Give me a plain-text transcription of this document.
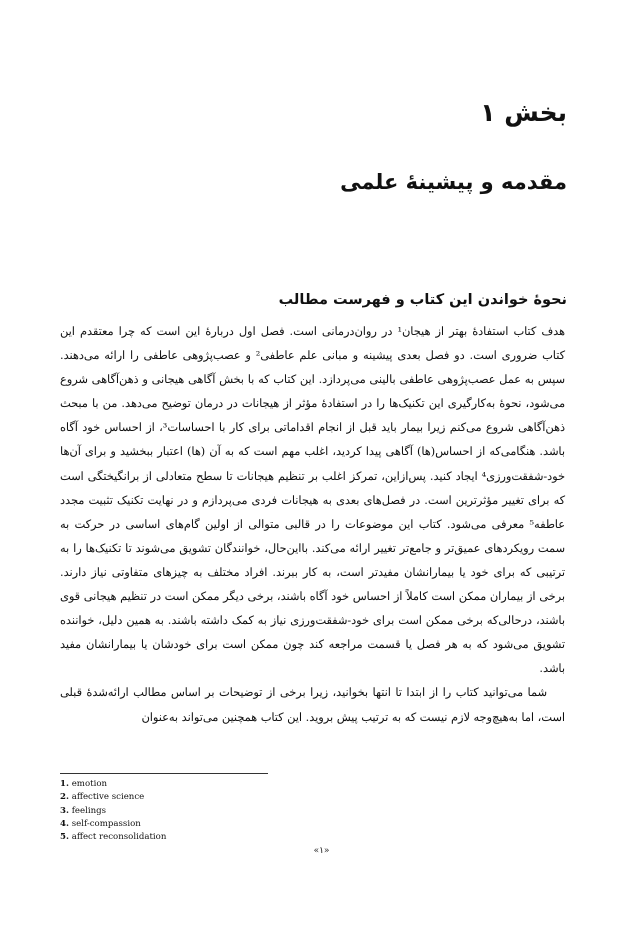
بخش ۱
مقدمه و پیشینهٔ علمی
نحوهٔ خواندن این کتاب و فهرست مطالب

هدف کتاب استفادهٔ بهتر از هیجان¹ در روان‌درمانی است. فصل اول دربارهٔ این است که چرا معتقدم این کتاب ضروری است. دو فصل بعدی پیشینه و مبانی علم عاطفی² و عصب‌پژوهی عاطفی را ارائه می‌دهند. سپس به عمل عصب‌پژوهی عاطفی بالینی می‌پردازد. این کتاب که با بخش آگاهی هیجانی و ذهن‌آگاهی شروع می‌شود، نحوهٔ به‌کارگیری این تکنیک‌ها را در استفادهٔ مؤثر از هیجانات در درمان توضیح می‌دهد. من با مبحث ذهن‌آگاهی شروع می‌کنم زیرا بیمار باید قبل از انجام اقداماتی برای کار با احساسات³، از احساس خود آگاه باشد. هنگامی‌که از احساس(ها) آگاهی پیدا کردید، اغلب مهم است که به آن (ها) اعتبار ببخشید و برای آن‌ها خود-شفقت‌ورزی⁴ ایجاد کنید. پس‌ازاین، تمرکز اغلب بر تنظیم هیجانات تا سطح متعادلی از برانگیختگی است که برای تغییر مؤثرترین است. در فصل‌های بعدی به هیجانات فردی می‌پردازم و در نهایت تکنیک تثبیت مجدد عاطفه⁵ معرفی می‌شود. کتاب این موضوعات را در قالبی متوالی از اولین گام‌های اساسی در حرکت به سمت رویکردهای عمیق‌تر و جامع‌تر تغییر ارائه می‌کند. بااین‌حال، خوانندگان تشویق می‌شوند تا تکنیک‌ها را به ترتیبی که برای خود یا بیمارانشان مفیدتر است، به کار ببرند. افراد مختلف به چیزهای متفاوتی نیاز دارند. برخی از بیماران ممکن است کاملاً از احساس خود آگاه باشند، برخی دیگر ممکن است در تنظیم هیجانی قوی باشند، درحالی‌که برخی ممکن است برای خود-شفقت‌ورزی نیاز به کمک داشته باشند. به همین دلیل، خواننده تشویق می‌شود که به هر فصل یا قسمت مراجعه کند چون ممکن است برای خودشان یا بیمارانشان مفید باشد.

شما می‌توانید کتاب را از ابتدا تا انتها بخوانید، زیرا برخی از توضیحات بر اساس مطالب ارائه‌شدهٔ قبلی است، اما به‌هیچ‌وجه لازم نیست که به ترتیب پیش بروید. این کتاب همچنین می‌تواند به‌عنوان

1. emotion
2. affective science
3. feelings
4. self-compassion
5. affect reconsolidation
«۱»
